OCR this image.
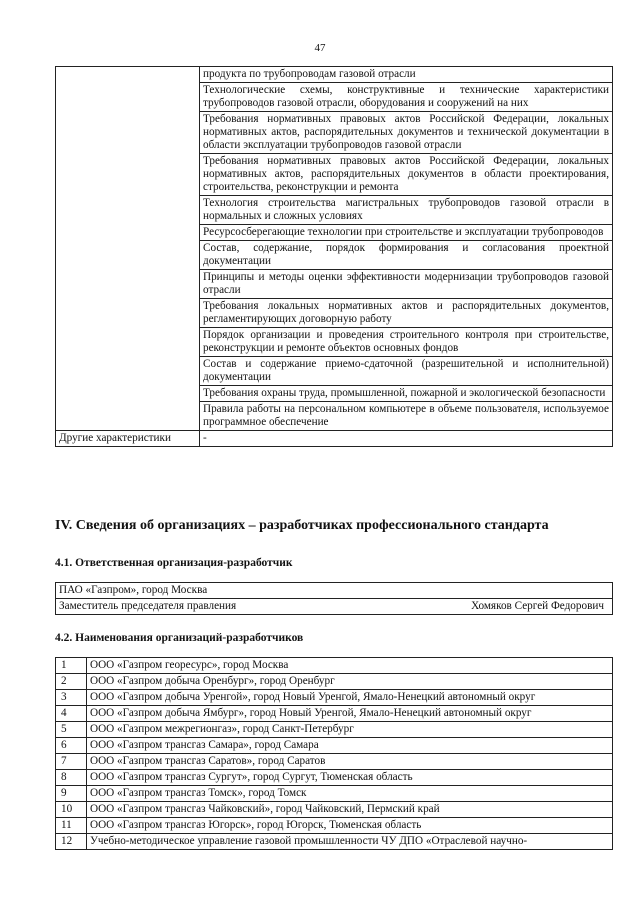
47
	продукта по трубопроводам газовой отрасли
	Технологические схемы, конструктивные и технические характеристики трубопроводов газовой отрасли, оборудования и сооружений на них
	Требования нормативных правовых актов Российской Федерации, локальных нормативных актов, распорядительных документов и технической документации в области эксплуатации трубопроводов газовой отрасли
	Требования нормативных правовых актов Российской Федерации, локальных нормативных актов, распорядительных документов в области проектирования, строительства, реконструкции и ремонта
	Технология строительства магистральных трубопроводов газовой отрасли в нормальных и сложных условиях
	Ресурсосберегающие технологии при строительстве и эксплуатации трубопроводов
	Состав, содержание, порядок формирования и согласования проектной документации
	Принципы и методы оценки эффективности модернизации трубопроводов газовой отрасли
	Требования локальных нормативных актов и распорядительных документов, регламентирующих договорную работу
	Порядок организации и проведения строительного контроля при строительстве, реконструкции и ремонте объектов основных фондов
	Состав и содержание приемо-сдаточной (разрешительной и исполнительной) документации
	Требования охраны труда, промышленной, пожарной и экологической безопасности
	Правила работы на персональном компьютере в объеме пользователя, используемое программное обеспечение
Другие характеристики	-
IV. Сведения об организациях – разработчиках профессионального стандарта
4.1. Ответственная организация-разработчик
ПАО «Газпром», город Москва
Заместитель председателя правления	Хомяков Сергей Федорович
4.2. Наименования организаций-разработчиков
1	ООО «Газпром георесурс», город Москва
2	ООО «Газпром добыча Оренбург», город Оренбург
3	ООО «Газпром добыча Уренгой», город Новый Уренгой, Ямало-Ненецкий автономный округ
4	ООО «Газпром добыча Ямбург», город Новый Уренгой, Ямало-Ненецкий автономный округ
5	ООО «Газпром межрегионгаз», город Санкт-Петербург
6	ООО «Газпром трансгаз Самара», город Самара
7	ООО «Газпром трансгаз Саратов», город Саратов
8	ООО «Газпром трансгаз Сургут», город Сургут, Тюменская область
9	ООО «Газпром трансгаз Томск», город Томск
10	ООО «Газпром трансгаз Чайковский», город Чайковский, Пермский край
11	ООО «Газпром трансгаз Югорск», город Югорск, Тюменская область
12	Учебно-методическое управление газовой промышленности ЧУ ДПО «Отраслевой научно-
